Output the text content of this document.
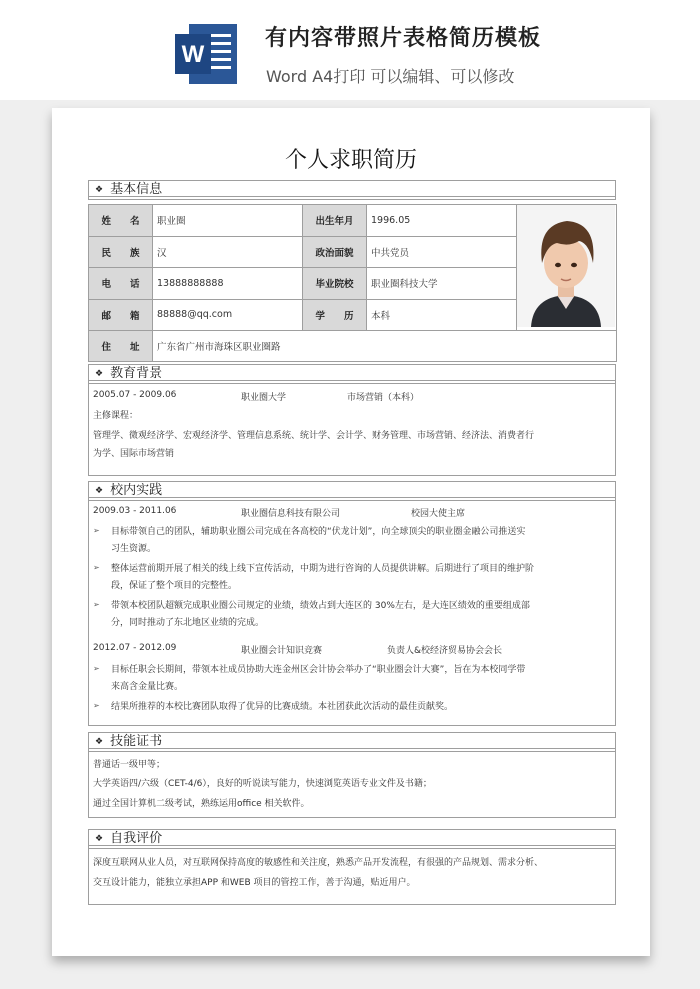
W
有内容带照片表格简历模板
Word A4打印 可以编辑、可以修改
个人求职简历
❖ 基本信息
姓　　名	职业圈	出生年月	1996.05	
民　　族	汉	政治面貌	中共党员	
电　　话	13888888888	毕业院校	职业圈科技大学	
邮　　箱	88888@qq.com	学　　历	本科	
住　　址	广东省广州市海珠区职业圈路			
❖ 教育背景
2005.07 - 2009.06	职业圈大学	市场营销（本科）
主修课程：
管理学、微观经济学、宏观经济学、管理信息系统、统计学、会计学、财务管理、市场营销、经济法、消费者行
为学、国际市场营销
❖ 校内实践
2009.03 - 2011.06	职业圈信息科技有限公司	校园大使主席
➢ 目标带领自己的团队，辅助职业圈公司完成在各高校的“伏龙计划”，向全球顶尖的职业圈金融公司推送实
习生资源。
➢ 整体运营前期开展了相关的线上线下宣传活动，中期为进行咨询的人员提供讲解。后期进行了项目的维护阶
段，保证了整个项目的完整性。
➢ 带领本校团队超额完成职业圈公司规定的业绩，绩效占到大连区的 30%左右，是大连区绩效的重要组成部
分，同时推动了东北地区业绩的完成。
2012.07 - 2012.09	职业圈会计知识竞赛	负责人&校经济贸易协会会长
➢ 目标任职会长期间，带领本社成员协助大连金州区会计协会举办了“职业圈会计大赛”，旨在为本校同学带
来高含金量比赛。
➢ 结果所推荐的本校比赛团队取得了优异的比赛成绩。本社团获此次活动的最佳贡献奖。
❖ 技能证书
普通话一级甲等；
大学英语四/六级（CET-4/6），良好的听说读写能力，快速浏览英语专业文件及书籍；
通过全国计算机二级考试，熟练运用office 相关软件。
❖ 自我评价
深度互联网从业人员，对互联网保持高度的敏感性和关注度，熟悉产品开发流程，有很强的产品规划、需求分析、
交互设计能力，能独立承担APP 和WEB 项目的管控工作，善于沟通，贴近用户。
